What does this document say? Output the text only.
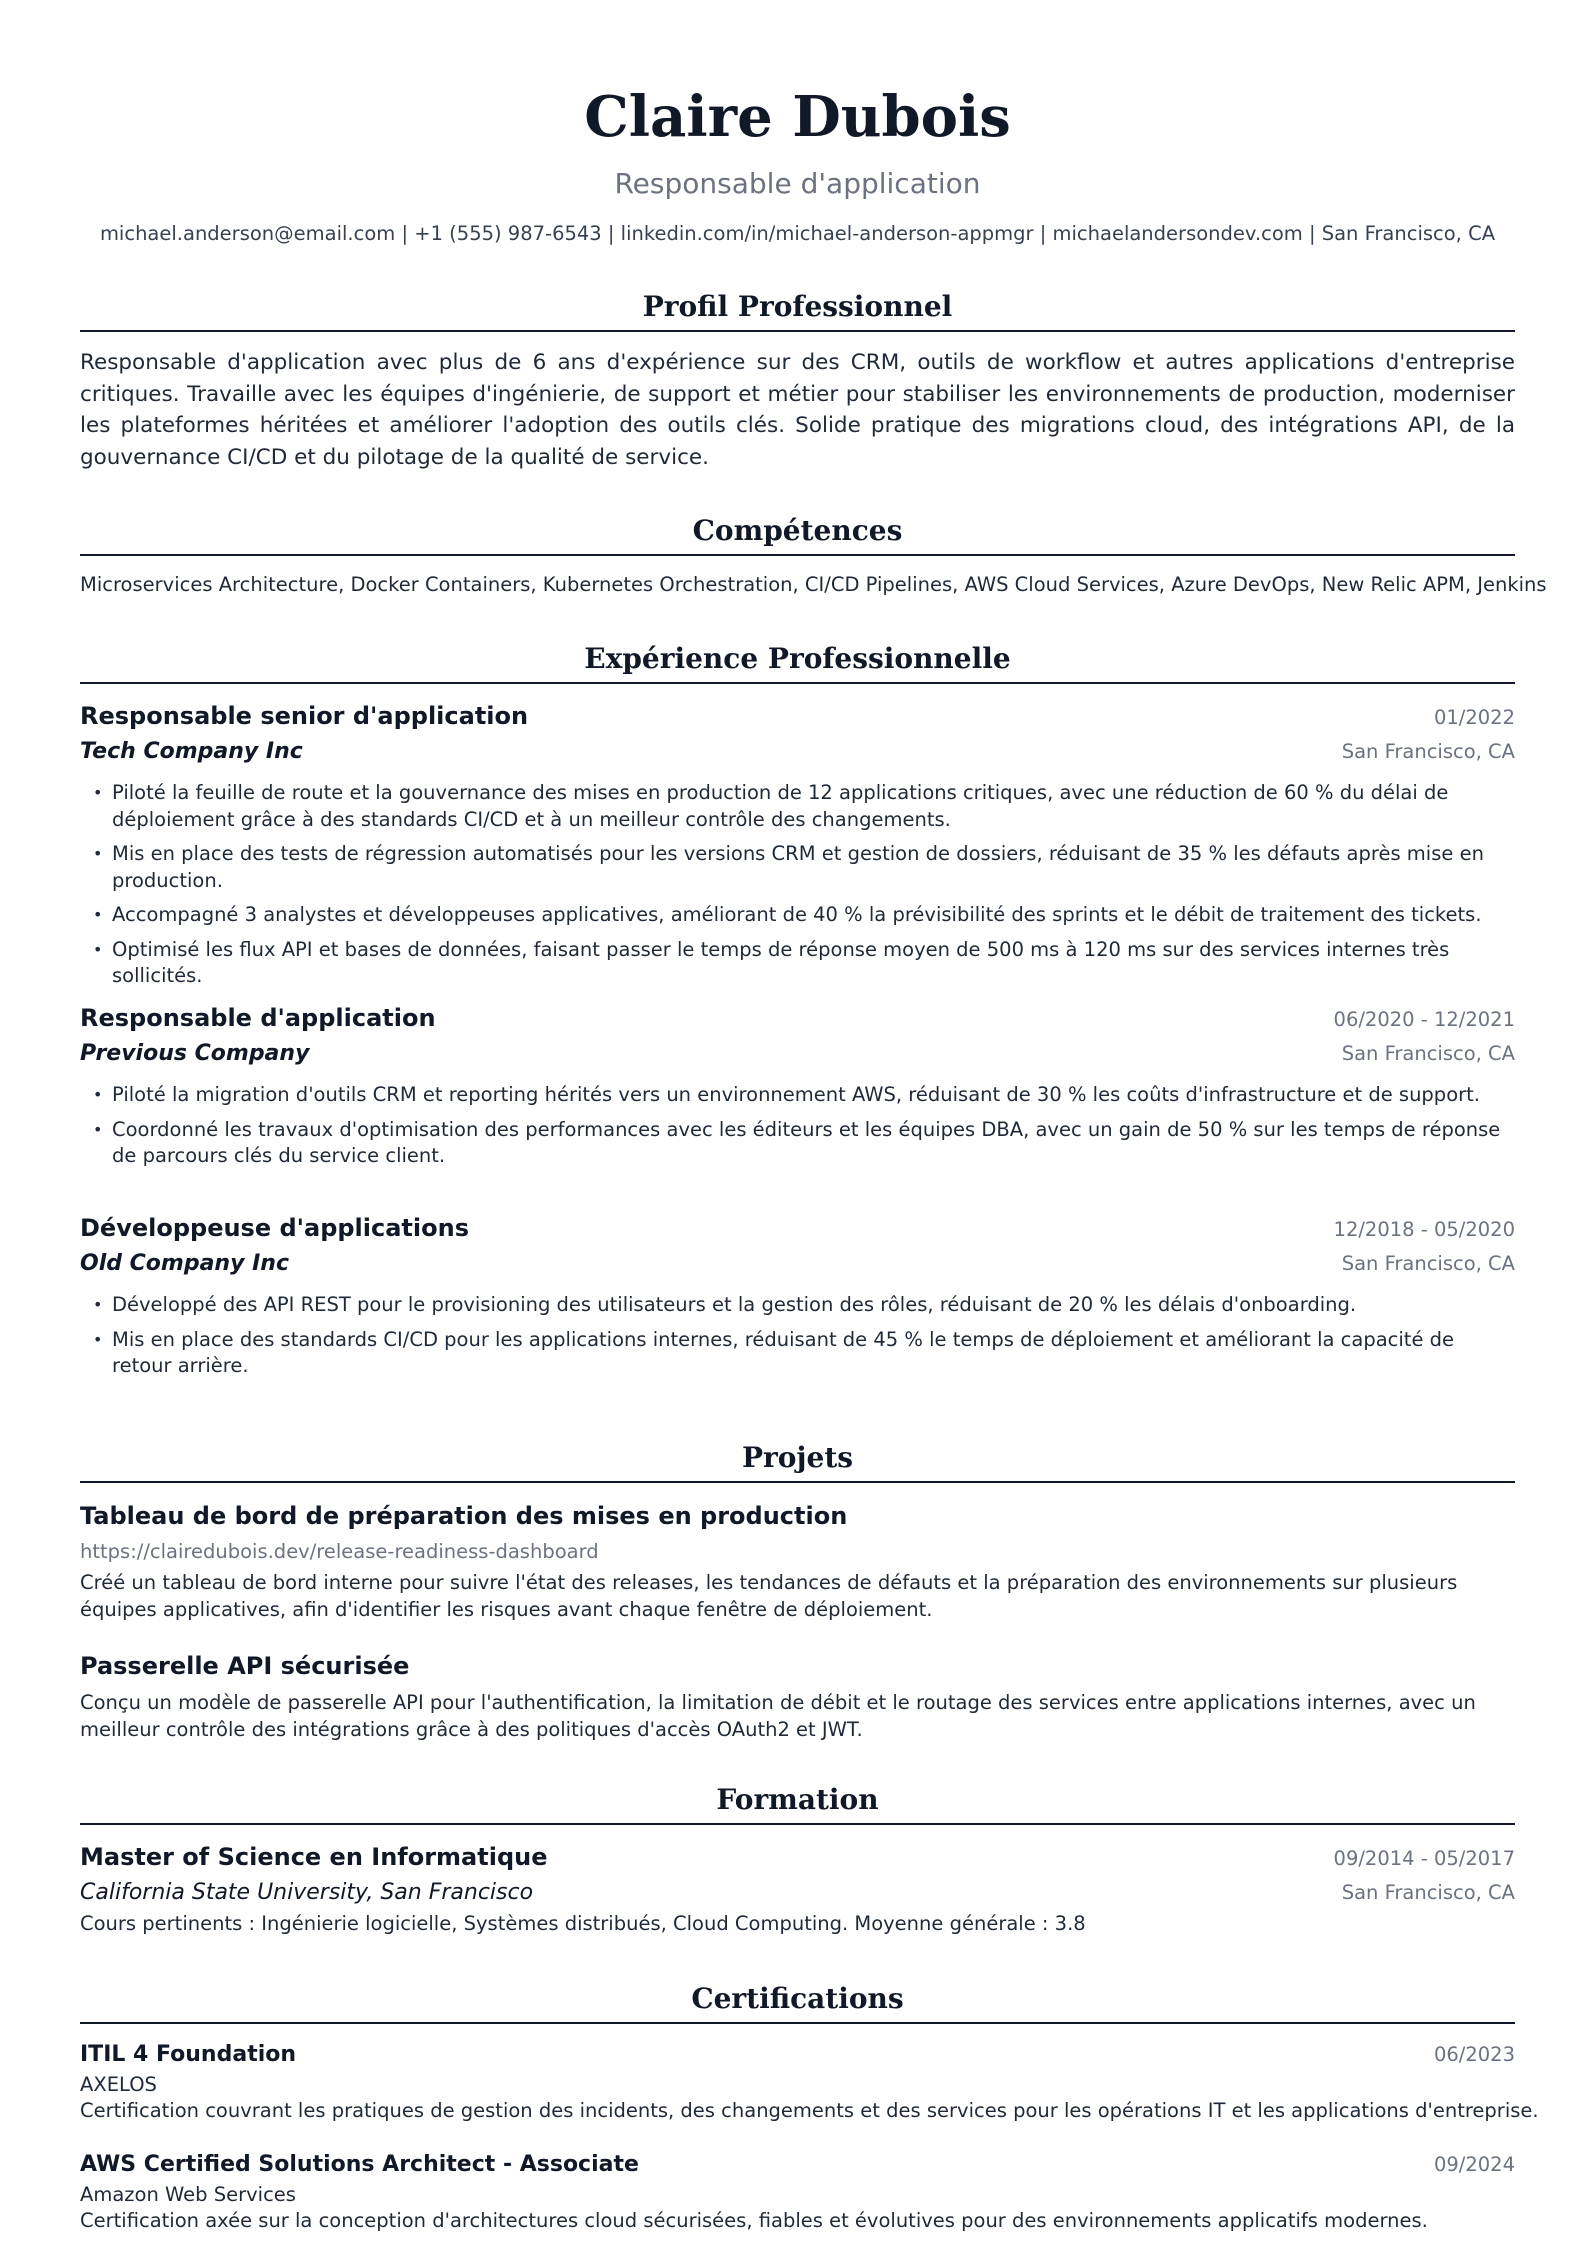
Claire Dubois
Responsable d'application
michael.anderson@email.com | +1 (555) 987-6543 | linkedin.com/in/michael-anderson-appmgr | michaelandersondev.com | San Francisco, CA
Profil Professionnel

Responsable d'application avec plus de 6 ans d'expérience sur des CRM, outils de workflow et autres applications d'entreprise critiques. Travaille avec les équipes d'ingénierie, de support et métier pour stabiliser les environnements de production, moderniser les plateformes héritées et améliorer l'adoption des outils clés. Solide pratique des migrations cloud, des intégrations API, de la gouvernance CI/CD et du pilotage de la qualité de service.

Compétences

Microservices Architecture, Docker Containers, Kubernetes Orchestration, CI/CD Pipelines, AWS Cloud Services, Azure DevOps, New Relic APM, Jenkins

Expérience Professionnelle
Responsable senior d'application	01/2022
Tech Company Inc	San Francisco, CA
• Piloté la feuille de route et la gouvernance des mises en production de 12 applications critiques, avec une réduction de 60 % du délai de déploiement grâce à des standards CI/CD et à un meilleur contrôle des changements.
• Mis en place des tests de régression automatisés pour les versions CRM et gestion de dossiers, réduisant de 35 % les défauts après mise en production.
• Accompagné 3 analystes et développeuses applicatives, améliorant de 40 % la prévisibilité des sprints et le débit de traitement des tickets.
• Optimisé les flux API et bases de données, faisant passer le temps de réponse moyen de 500 ms à 120 ms sur des services internes très sollicités.
Responsable d'application	06/2020 - 12/2021
Previous Company	San Francisco, CA
• Piloté la migration d'outils CRM et reporting hérités vers un environnement AWS, réduisant de 30 % les coûts d'infrastructure et de support.
• Coordonné les travaux d'optimisation des performances avec les éditeurs et les équipes DBA, avec un gain de 50 % sur les temps de réponse de parcours clés du service client.
Développeuse d'applications	12/2018 - 05/2020
Old Company Inc	San Francisco, CA
• Développé des API REST pour le provisioning des utilisateurs et la gestion des rôles, réduisant de 20 % les délais d'onboarding.
• Mis en place des standards CI/CD pour les applications internes, réduisant de 45 % le temps de déploiement et améliorant la capacité de retour arrière.
Projets
Tableau de bord de préparation des mises en production
https://clairedubois.dev/release-readiness-dashboard

Créé un tableau de bord interne pour suivre l'état des releases, les tendances de défauts et la préparation des environnements sur plusieurs équipes applicatives, afin d'identifier les risques avant chaque fenêtre de déploiement.

Passerelle API sécurisée

Conçu un modèle de passerelle API pour l'authentification, la limitation de débit et le routage des services entre applications internes, avec un meilleur contrôle des intégrations grâce à des politiques d'accès OAuth2 et JWT.

Formation
Master of Science en Informatique	09/2014 - 05/2017
California State University, San Francisco	San Francisco, CA

Cours pertinents : Ingénierie logicielle, Systèmes distribués, Cloud Computing. Moyenne générale : 3.8

Certifications
ITIL 4 Foundation	06/2023

AXELOS

Certification couvrant les pratiques de gestion des incidents, des changements et des services pour les opérations IT et les applications d'entreprise.

AWS Certified Solutions Architect - Associate	09/2024

Amazon Web Services

Certification axée sur la conception d'architectures cloud sécurisées, fiables et évolutives pour des environnements applicatifs modernes.
